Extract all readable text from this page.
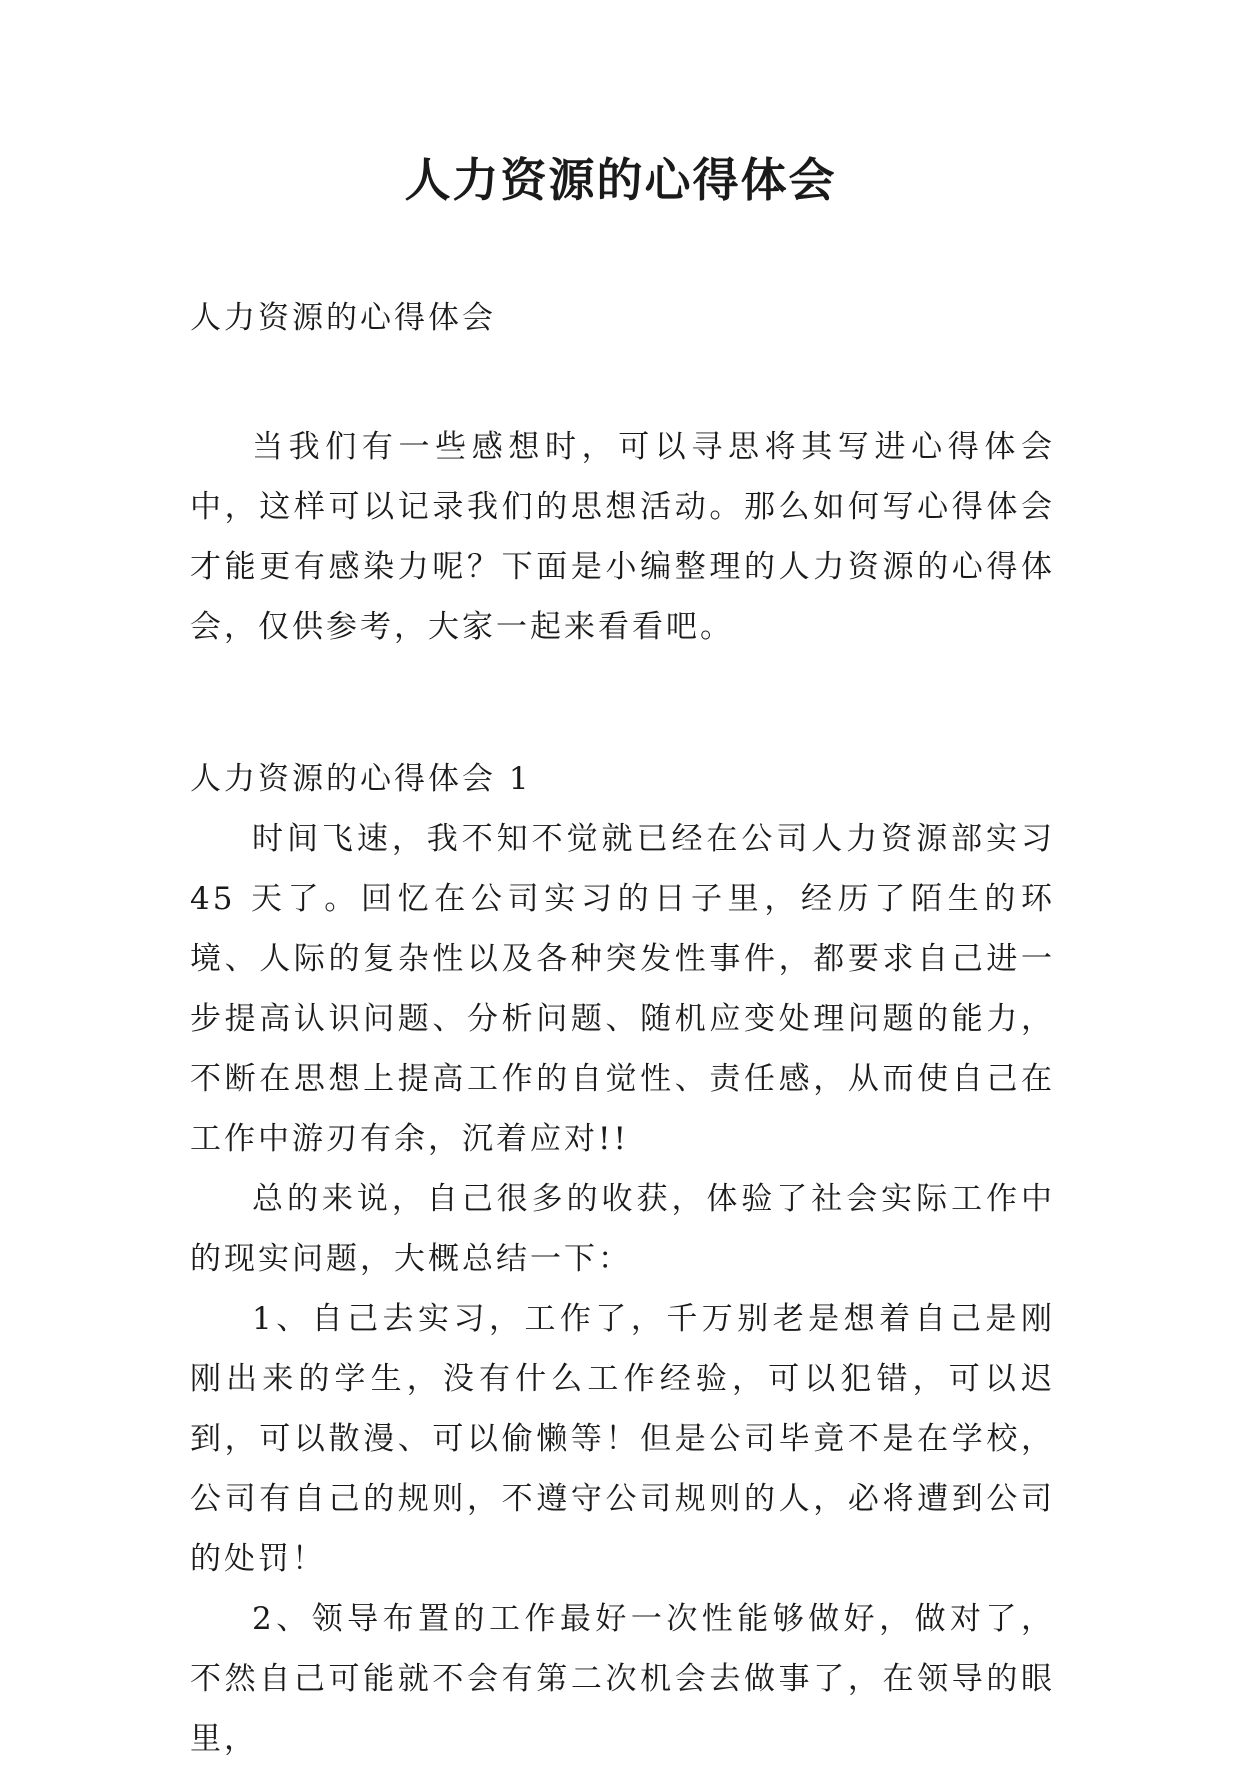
人力资源的心得体会

人力资源的心得体会

当我们有一些感想时，可以寻思将其写进心得体会中，这样可以记录我们的思想活动。那么如何写心得体会才能更有感染力呢？下面是小编整理的人力资源的心得体会，仅供参考，大家一起来看看吧。

人力资源的心得体会 1

时间飞速，我不知不觉就已经在公司人力资源部实习 45 天了。回忆在公司实习的日子里，经历了陌生的环境、人际的复杂性以及各种突发性事件，都要求自己进一步提高认识问题、分析问题、随机应变处理问题的能力，不断在思想上提高工作的自觉性、责任感，从而使自己在工作中游刃有余，沉着应对!!

总的来说，自己很多的收获，体验了社会实际工作中的现实问题，大概总结一下：

1、自己去实习，工作了，千万别老是想着自己是刚刚出来的学生，没有什么工作经验，可以犯错，可以迟到，可以散漫、可以偷懒等！但是公司毕竟不是在学校，公司有自己的规则，不遵守公司规则的人，必将遭到公司的处罚！

2、领导布置的工作最好一次性能够做好，做对了，不然自己可能就不会有第二次机会去做事了，在领导的眼里，
